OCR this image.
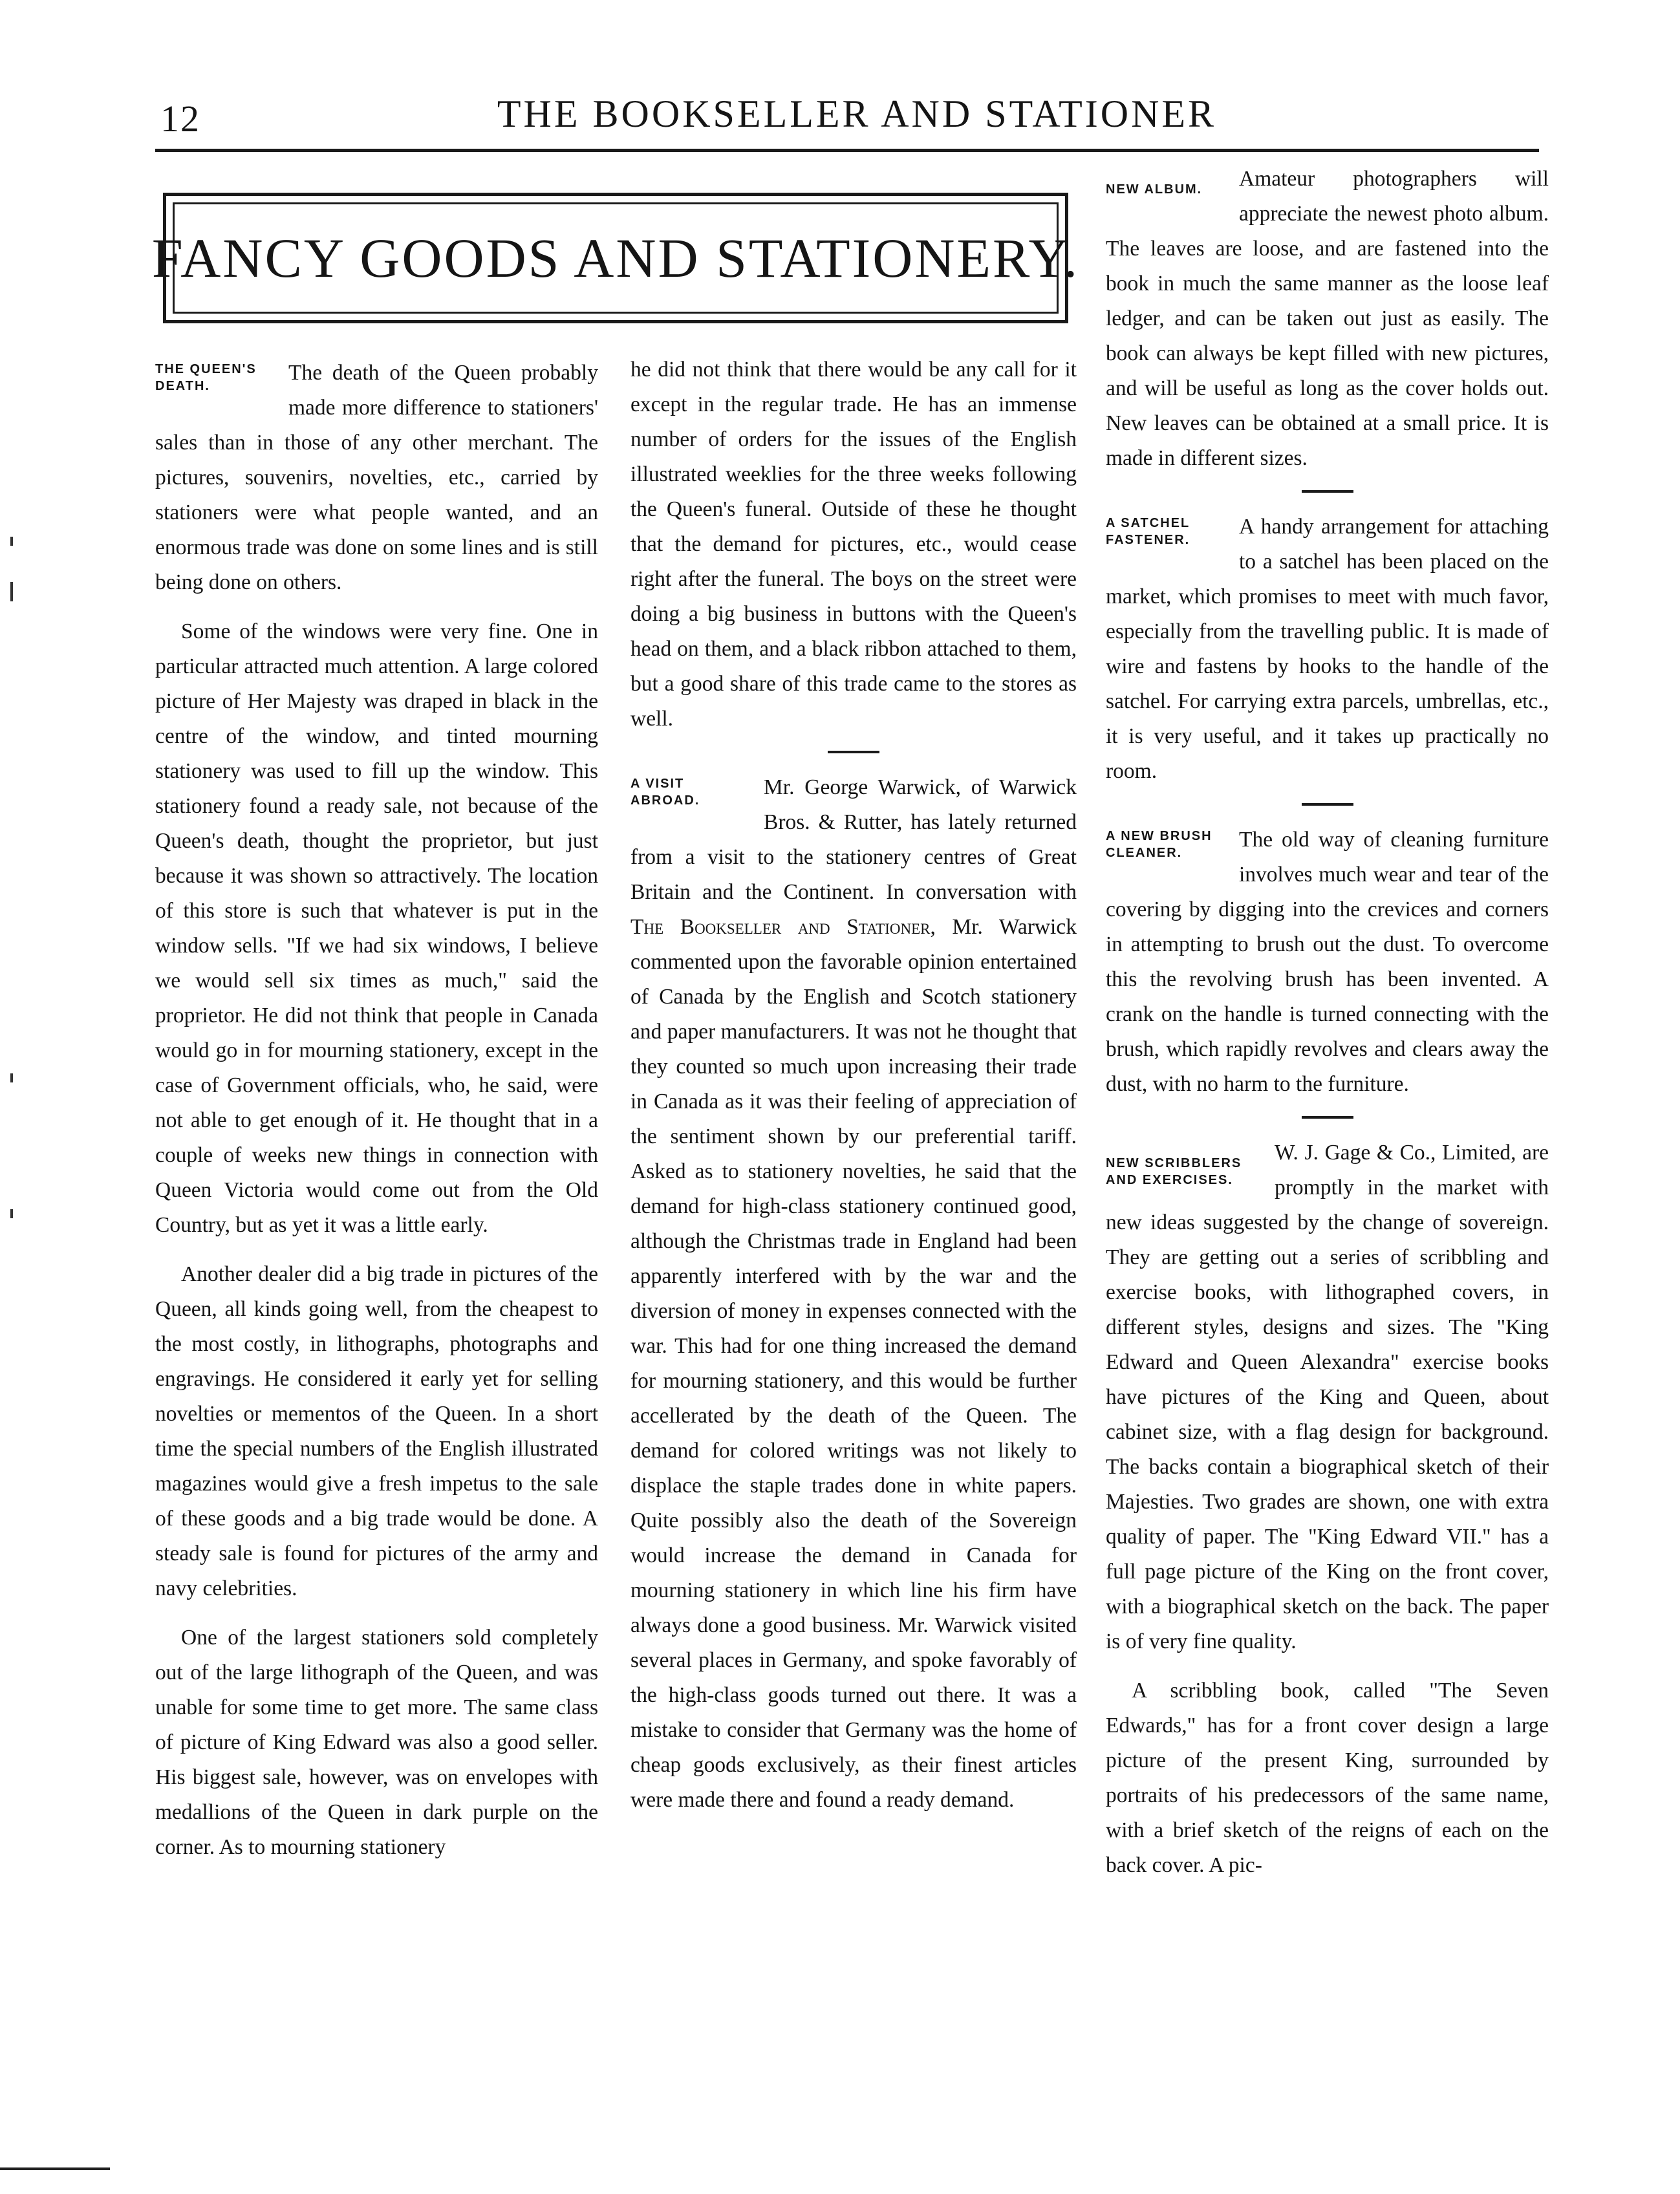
12	THE BOOKSELLER AND STATIONER
FANCY GOODS AND STATIONERY.

THE QUEEN'S DEATH.
The death of the Queen probably made more difference to stationers' sales than in those of any other merchant. The pictures, souvenirs, novelties, etc., carried by stationers were what people wanted, and an enormous trade was done on some lines and is still being done on others.

Some of the windows were very fine. One in particular attracted much attention. A large colored picture of Her Majesty was draped in black in the centre of the window, and tinted mourning stationery was used to fill up the window. This stationery found a ready sale, not because of the Queen's death, thought the proprietor, but just because it was shown so attractively. The location of this store is such that whatever is put in the window sells. "If we had six windows, I believe we would sell six times as much," said the proprietor. He did not think that people in Canada would go in for mourning stationery, except in the case of Government officials, who, he said, were not able to get enough of it. He thought that in a couple of weeks new things in connection with Queen Victoria would come out from the Old Country, but as yet it was a little early.

Another dealer did a big trade in pictures of the Queen, all kinds going well, from the cheapest to the most costly, in lithographs, photographs and engravings. He considered it early yet for selling novelties or mementos of the Queen. In a short time the special numbers of the English illustrated magazines would give a fresh impetus to the sale of these goods and a big trade would be done. A steady sale is found for pictures of the army and navy celebrities.

One of the largest stationers sold completely out of the large lithograph of the Queen, and was unable for some time to get more. The same class of picture of King Edward was also a good seller. His biggest sale, however, was on envelopes with medallions of the Queen in dark purple on the corner. As to mourning stationery

he did not think that there would be any call for it except in the regular trade. He has an immense number of orders for the issues of the English illustrated weeklies for the three weeks following the Queen's funeral. Outside of these he thought that the demand for pictures, etc., would cease right after the funeral. The boys on the street were doing a big business in buttons with the Queen's head on them, and a black ribbon attached to them, but a good share of this trade came to the stores as well.

A VISIT ABROAD.
Mr. George Warwick, of Warwick Bros. & Rutter, has lately returned from a visit to the stationery centres of Great Britain and the Continent. In conversation with The Bookseller and Stationer, Mr. Warwick commented upon the favorable opinion entertained of Canada by the English and Scotch stationery and paper manufacturers. It was not he thought that they counted so much upon increasing their trade in Canada as it was their feeling of appreciation of the sentiment shown by our preferential tariff. Asked as to stationery novelties, he said that the demand for high-class stationery continued good, although the Christmas trade in England had been apparently interfered with by the war and the diversion of money in expenses connected with the war. This had for one thing increased the demand for mourning stationery, and this would be further accellerated by the death of the Queen. The demand for colored writings was not likely to displace the staple trades done in white papers. Quite possibly also the death of the Sovereign would increase the demand in Canada for mourning stationery in which line his firm have always done a good business. Mr. Warwick visited several places in Germany, and spoke favorably of the high-class goods turned out there. It was a mistake to consider that Germany was the home of cheap goods exclusively, as their finest articles were made there and found a ready demand.

NEW ALBUM.	Amateur photographers will appreciate the newest photo album. The leaves are loose, and are fastened into the book in much the same manner as the loose leaf ledger, and can be taken out just as easily. The book can always be kept filled with new pictures, and will be useful as long as the cover holds out. New leaves can be obtained at a small price. It is made in different sizes.

A SATCHEL FASTENER.
A handy arrangement for attaching to a satchel has been placed on the market, which promises to meet with much favor, especially from the travelling public. It is made of wire and fastens by hooks to the handle of the satchel. For carrying extra parcels, umbrellas, etc., it is very useful, and it takes up practically no room.

A NEW BRUSH CLEANER.
The old way of cleaning furniture involves much wear and tear of the covering by digging into the crevices and corners in attempting to brush out the dust. To overcome this the revolving brush has been invented. A crank on the handle is turned connecting with the brush, which rapidly revolves and clears away the dust, with no harm to the furniture.

NEW SCRIBBLERS AND EXERCISES.
W. J. Gage & Co., Limited, are promptly in the market with new ideas suggested by the change of sovereign. They are getting out a series of scribbling and exercise books, with lithographed covers, in different styles, designs and sizes. The "King Edward and Queen Alexandra" exercise books have pictures of the King and Queen, about cabinet size, with a flag design for background. The backs contain a biographical sketch of their Majesties. Two grades are shown, one with extra quality of paper. The "King Edward VII." has a full page picture of the King on the front cover, with a biographical sketch on the back. The paper is of very fine quality.

A scribbling book, called "The Seven Edwards," has for a front cover design a large picture of the present King, surrounded by portraits of his predecessors of the same name, with a brief sketch of the reigns of each on the back cover. A pic-
